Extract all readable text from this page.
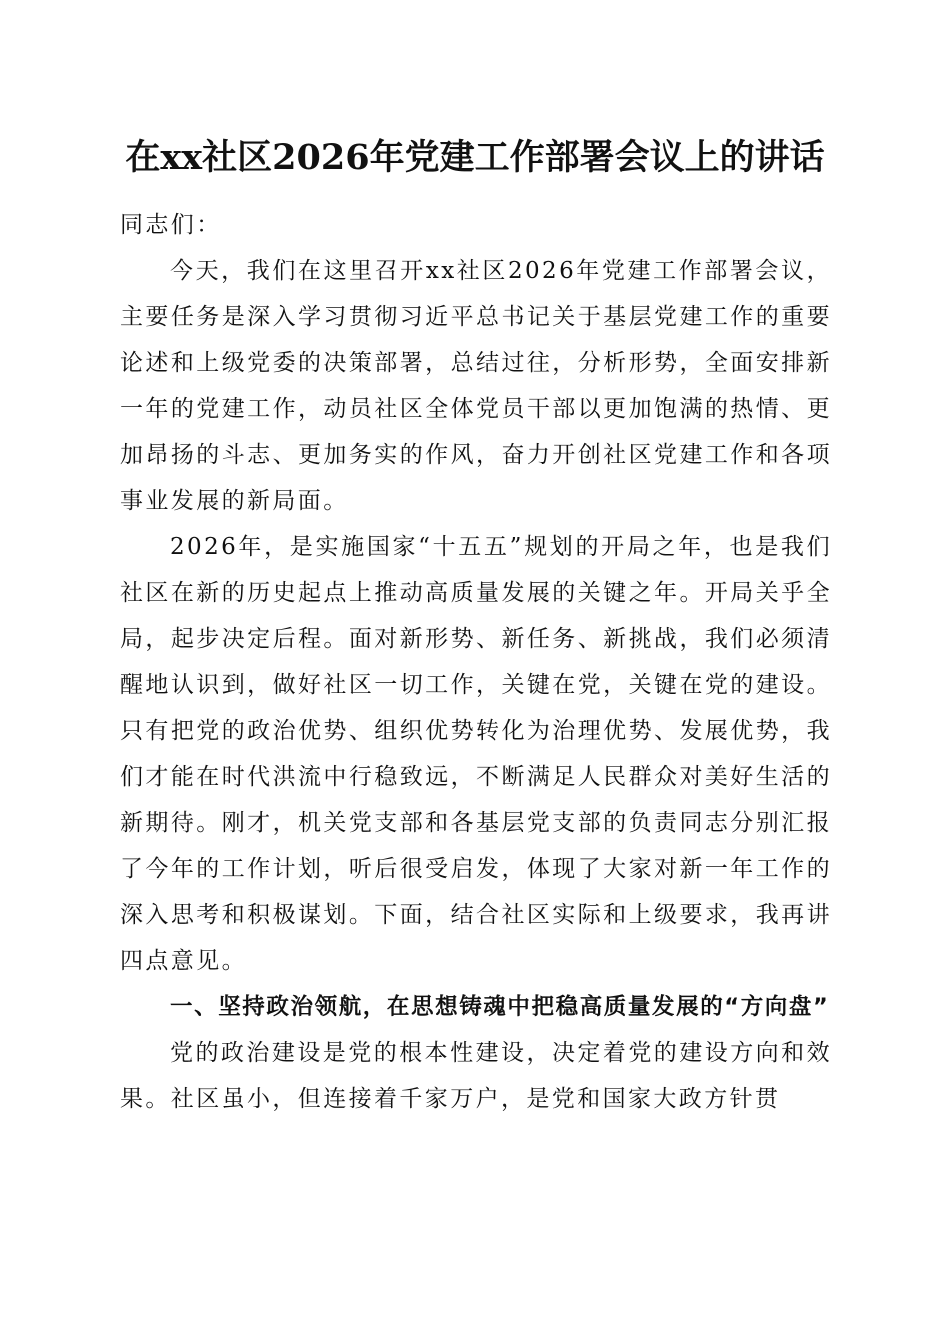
在xx社区2026年党建工作部署会议上的讲话

同志们：

今天，我们在这里召开xx社区2026年党建工作部署会议，主要任务是深入学习贯彻习近平总书记关于基层党建工作的重要论述和上级党委的决策部署，总结过往，分析形势，全面安排新一年的党建工作，动员社区全体党员干部以更加饱满的热情、更加昂扬的斗志、更加务实的作风，奋力开创社区党建工作和各项事业发展的新局面。

2026年，是实施国家“十五五”规划的开局之年，也是我们社区在新的历史起点上推动高质量发展的关键之年。开局关乎全局，起步决定后程。面对新形势、新任务、新挑战，我们必须清醒地认识到，做好社区一切工作，关键在党，关键在党的建设。只有把党的政治优势、组织优势转化为治理优势、发展优势，我们才能在时代洪流中行稳致远，不断满足人民群众对美好生活的新期待。刚才，机关党支部和各基层党支部的负责同志分别汇报了今年的工作计划，听后很受启发，体现了大家对新一年工作的深入思考和积极谋划。下面，结合社区实际和上级要求，我再讲四点意见。

一、坚持政治领航，在思想铸魂中把稳高质量发展的“方向盘”

党的政治建设是党的根本性建设，决定着党的建设方向和效果。社区虽小，但连接着千家万户，是党和国家大政方针贯
